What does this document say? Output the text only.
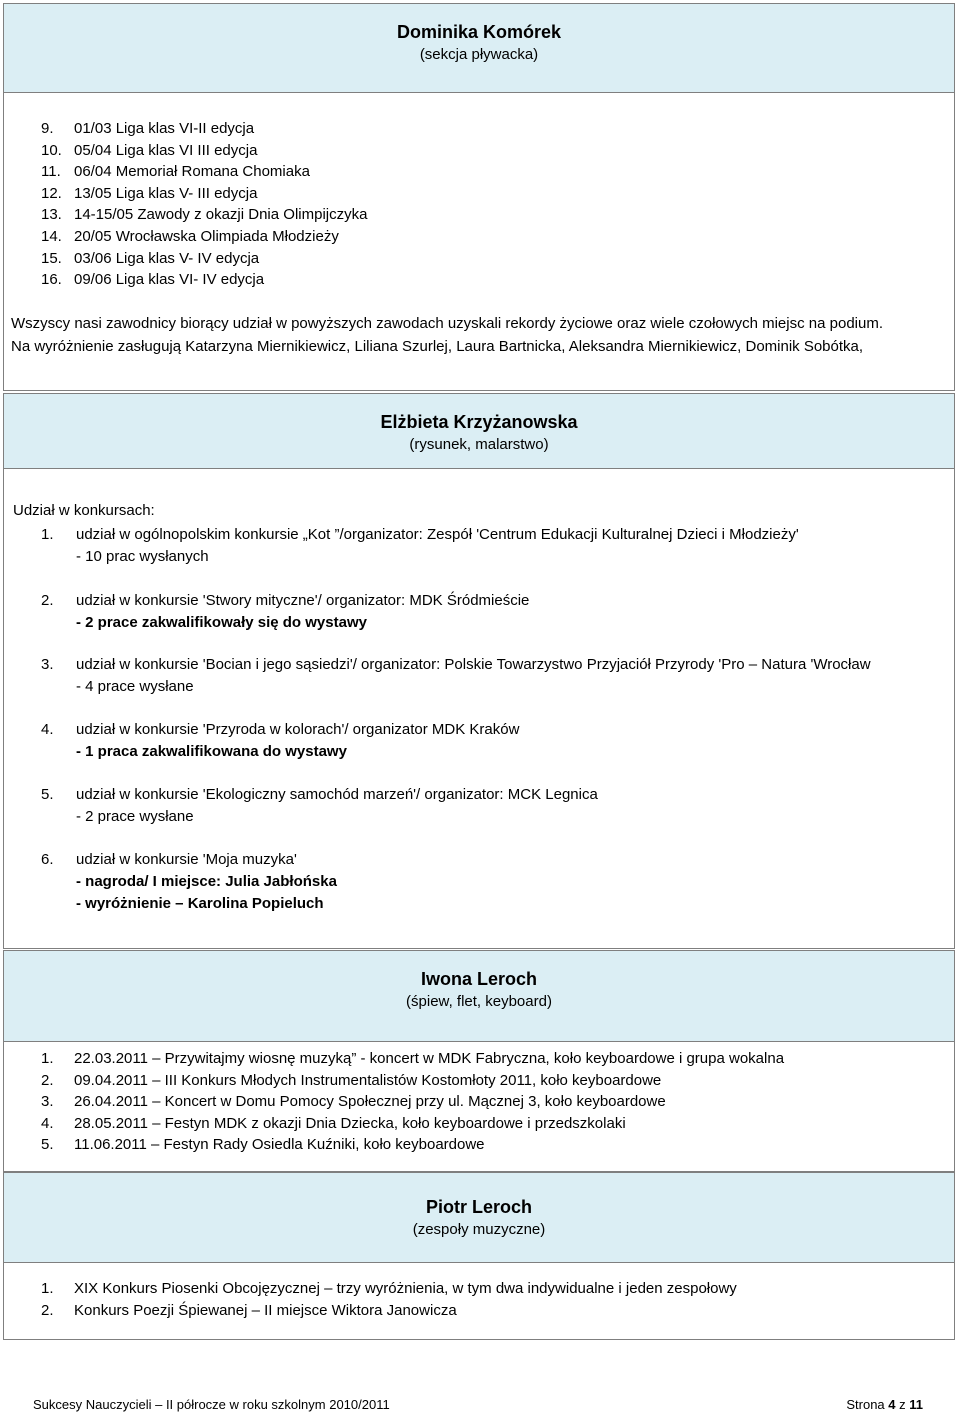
Dominika Komórek
(sekcja pływacka)
9. 01/03 Liga klas VI-II edycja
10. 05/04 Liga klas VI III edycja
11. 06/04 Memoriał Romana Chomiaka
12. 13/05 Liga klas V- III edycja
13. 14-15/05 Zawody z okazji Dnia Olimpijczyka
14. 20/05 Wrocławska Olimpiada Młodzieży
15. 03/06 Liga klas V- IV edycja
16. 09/06 Liga klas VI- IV edycja
Wszyscy nasi zawodnicy biorący udział w powyższych zawodach uzyskali rekordy życiowe oraz wiele czołowych miejsc na podium.
Na wyróżnienie zasługują Katarzyna Miernikiewicz, Liliana Szurlej, Laura Bartnicka, Aleksandra Miernikiewicz, Dominik Sobótka,
Elżbieta Krzyżanowska
(rysunek, malarstwo)
Udział w konkursach:
1. udział w ogólnopolskim konkursie „Kot ”/organizator: Zespół 'Centrum Edukacji Kulturalnej Dzieci i Młodzieży'
- 10 prac wysłanych
2. udział w konkursie 'Stwory mityczne'/ organizator: MDK Śródmieście
- 2 prace zakwalifikowały się do wystawy
3. udział w konkursie 'Bocian i jego sąsiedzi'/ organizator: Polskie Towarzystwo Przyjaciół Przyrody 'Pro – Natura 'Wrocław
- 4 prace wysłane
4. udział w konkursie 'Przyroda w kolorach'/ organizator MDK Kraków
- 1 praca zakwalifikowana do wystawy
5. udział w konkursie 'Ekologiczny samochód marzeń'/ organizator: MCK Legnica
- 2 prace wysłane
6. udział w konkursie 'Moja muzyka'
- nagroda/ I miejsce: Julia Jabłońska
- wyróżnienie – Karolina Popieluch
Iwona Leroch
(śpiew, flet, keyboard)
1. 22.03.2011 – Przywitajmy wiosnę muzyką” - koncert w MDK Fabryczna, koło keyboardowe i grupa wokalna
2. 09.04.2011 – III Konkurs Młodych Instrumentalistów Kostomłoty 2011, koło keyboardowe
3. 26.04.2011 – Koncert w Domu Pomocy Społecznej przy ul. Mącznej 3, koło keyboardowe
4. 28.05.2011 – Festyn MDK z okazji Dnia Dziecka, koło keyboardowe i przedszkolaki
5. 11.06.2011 – Festyn Rady Osiedla Kuźniki, koło keyboardowe
Piotr Leroch
(zespoły muzyczne)
1. XIX Konkurs Piosenki Obcojęzycznej – trzy wyróżnienia, w tym dwa indywidualne i jeden zespołowy
2. Konkurs Poezji Śpiewanej – II miejsce Wiktora Janowicza
Sukcesy Nauczycieli – II półrocze w roku szkolnym 2010/2011	Strona 4 z 11
